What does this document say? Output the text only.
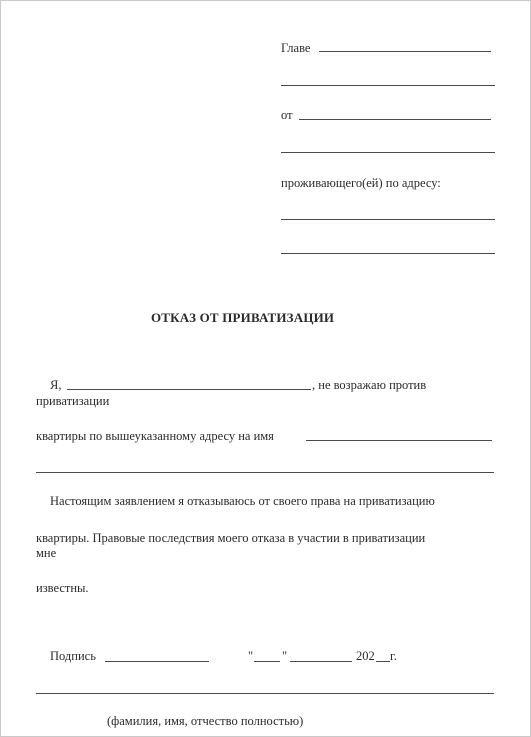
Главе
от
проживающего(ей) по адресу:
ОТКАЗ ОТ ПРИВАТИЗАЦИИ
Я,	, не возражаю против
приватизации
квартиры по вышеуказанному адресу на имя
Настоящим заявлением я отказываюсь от своего права на приватизацию
квартиры. Правовые последствия моего отказа в участии в приватизации
мне
известны.
Подпись	" "	202 г.
(фамилия, имя, отчество полностью)
